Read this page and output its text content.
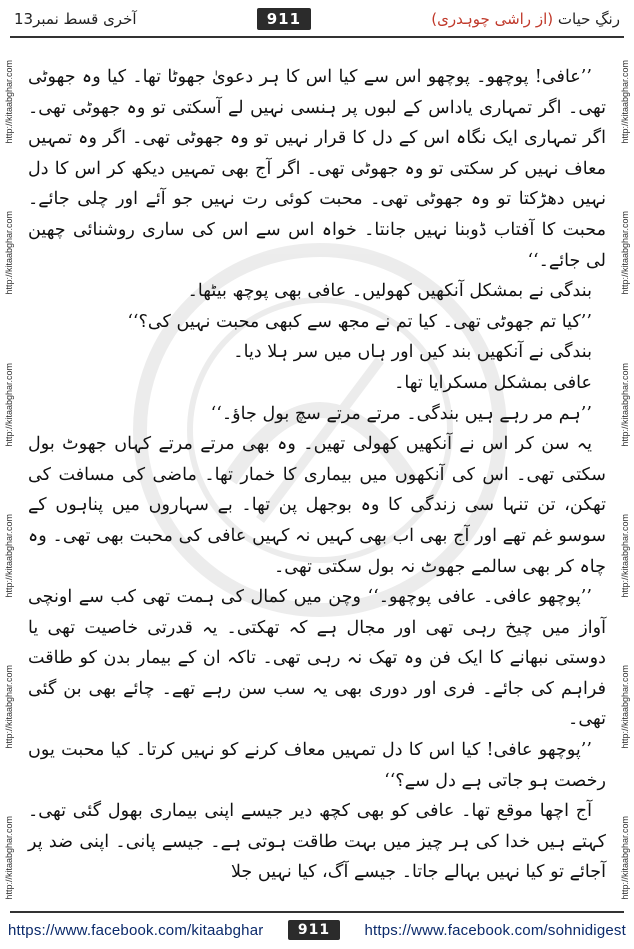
آخری قسط نمبر13	911	رنگِ حیات (از راشی چوہدری)
http://kitaabghar.com
http://kitaabghar.com
http://kitaabghar.com
http://kitaabghar.com
http://kitaabghar.com
http://kitaabghar.com
http://kitaabghar.com
http://kitaabghar.com
http://kitaabghar.com
http://kitaabghar.com
http://kitaabghar.com
http://kitaabghar.com

’’عافی! پوچھو۔ پوچھو اس سے کیا اس کا ہر دعویٰ جھوٹا تھا۔ کیا وہ جھوٹی تھی۔ اگر تمہاری یاداس کے لبوں پر ہنسی نہیں لے آسکتی تو وہ جھوٹی تھی۔ اگر تمہاری ایک نگاہ اس کے دل کا قرار نہیں تو وہ جھوٹی تھی۔ اگر وہ تمہیں معاف نہیں کر سکتی تو وہ جھوٹی تھی۔ اگر آج بھی تمہیں دیکھ کر اس کا دل نہیں دھڑکتا تو وہ جھوٹی تھی۔ محبت کوئی رت نہیں جو آئے اور چلی جائے۔ محبت کا آفتاب ڈوبنا نہیں جانتا۔ خواہ اس سے اس کی ساری روشنائی چھین لی جائے۔‘‘

بندگی نے بمشکل آنکھیں کھولیں۔ عافی بھی پوچھ بیٹھا۔

’’کیا تم جھوٹی تھی۔ کیا تم نے مجھ سے کبھی محبت نہیں کی؟‘‘

بندگی نے آنکھیں بند کیں اور ہاں میں سر ہلا دیا۔

عافی بمشکل مسکرایا تھا۔

’’ہم مر رہے ہیں بندگی۔ مرتے مرتے سچ بول جاؤ۔‘‘

یہ سن کر اس نے آنکھیں کھولی تھیں۔ وہ بھی مرتے مرتے کہاں جھوٹ بول سکتی تھی۔ اس کی آنکھوں میں بیماری کا خمار تھا۔ ماضی کی مسافت کی تھکن، تن تنہا سی زندگی کا وہ بوجھل پن تھا۔ بے سہاروں میں پناہوں کے سوسو غم تھے اور آج بھی اب بھی کہیں نہ کہیں عافی کی محبت بھی تھی۔ وہ چاہ کر بھی سالمے جھوٹ نہ بول سکتی تھی۔

’’پوچھو عافی۔ عافی پوچھو۔‘‘ وچن میں کمال کی ہمت تھی کب سے اونچی آواز میں چیخ رہی تھی اور مجال ہے کہ تھکتی۔ یہ قدرتی خاصیت تھی یا دوستی نبھانے کا ایک فن وہ تھک نہ رہی تھی۔ تاکہ ان کے بیمار بدن کو طاقت فراہم کی جائے۔ فری اور دوری بھی یہ سب سن رہے تھے۔ چائے بھی بن گئی تھی۔

’’پوچھو عافی! کیا اس کا دل تمہیں معاف کرنے کو نہیں کرتا۔ کیا محبت یوں رخصت ہو جاتی ہے دل سے؟‘‘

آج اچھا موقع تھا۔ عافی کو بھی کچھ دیر جیسے اپنی بیماری بھول گئی تھی۔ کہتے ہیں خدا کی ہر چیز میں بہت طاقت ہوتی ہے۔ جیسے پانی۔ اپنی ضد پر آجائے تو کیا نہیں بہالے جاتا۔ جیسے آگ، کیا نہیں جلا

https://www.facebook.com/kitaabghar	911	https://www.facebook.com/sohnidigest
